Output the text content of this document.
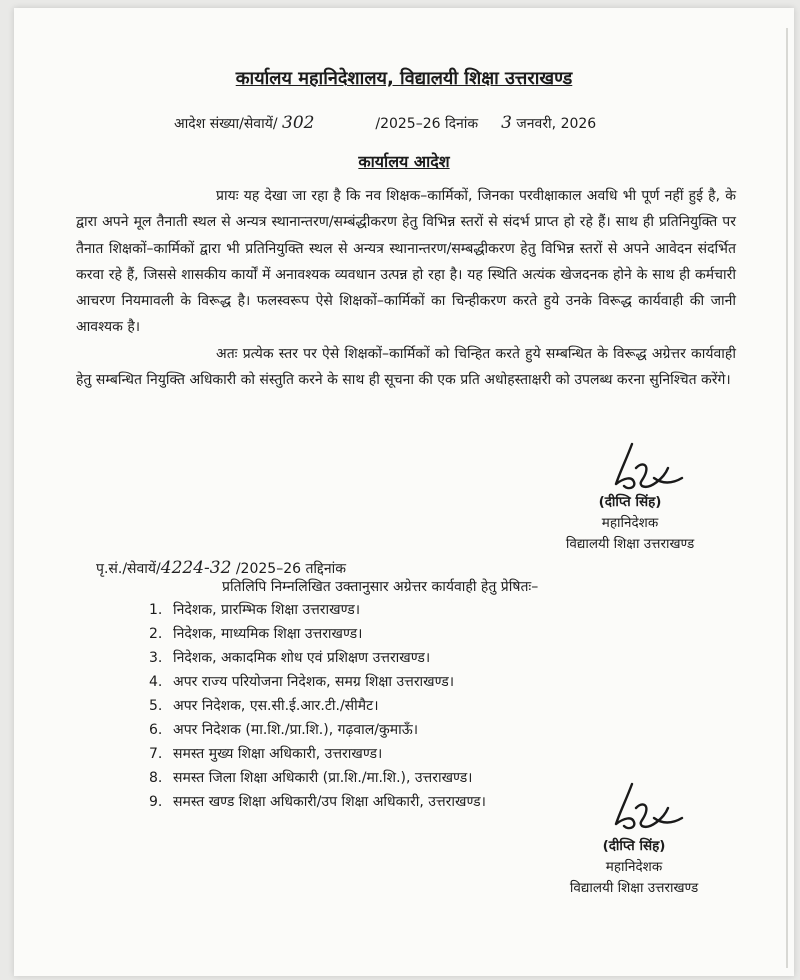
कार्यालय महानिदेशालय, विद्यालयी शिक्षा उत्तराखण्ड
आदेश संख्या/सेवायें/ 302	/2025–26 दिनांक 3 जनवरी, 2026
कार्यालय आदेश

प्रायः यह देखा जा रहा है कि नव शिक्षक–कार्मिकों, जिनका परवीक्षाकाल अवधि भी पूर्ण नहीं हुई है, के द्वारा अपने मूल तैनाती स्थल से अन्यत्र स्थानान्तरण/सम्बंद्धीकरण हेतु विभिन्न स्तरों से संदर्भ प्राप्त हो रहे हैं। साथ ही प्रतिनियुक्ति पर तैनात शिक्षकों–कार्मिकों द्वारा भी प्रतिनियुक्ति स्थल से अन्यत्र स्थानान्तरण/सम्बद्धीकरण हेतु विभिन्न स्तरों से अपने आवेदन संदर्भित करवा रहे हैं, जिससे शासकीय कार्यों में अनावश्यक व्यवधान उत्पन्न हो रहा है। यह स्थिति अत्यंक खेजदनक होने के साथ ही कर्मचारी आचरण नियमावली के विरूद्ध है। फलस्वरूप ऐसे शिक्षकों–कार्मिकों का चिन्हीकरण करते हुये उनके विरूद्ध कार्यवाही की जानी आवश्यक है।

अतः प्रत्येक स्तर पर ऐसे शिक्षकों–कार्मिकों को चिन्हित करते हुये सम्बन्धित के विरूद्ध अग्रेत्तर कार्यवाही हेतु सम्बन्धित नियुक्ति अधिकारी को संस्तुति करने के साथ ही सूचना की एक प्रति अधोहस्ताक्षरी को उपलब्ध करना सुनिश्चित करेंगे।

(दीप्ति सिंह)
महानिदेशक
विद्यालयी शिक्षा उत्तराखण्ड
पृ.सं./सेवायें/4224-32 /2025–26 तद्दिनांक
प्रतिलिपि निम्नलिखित उक्तानुसार अग्रेत्तर कार्यवाही हेतु प्रेषितः–
1. निदेशक, प्रारम्भिक शिक्षा उत्तराखण्ड।
2. निदेशक, माध्यमिक शिक्षा उत्तराखण्ड।
3. निदेशक, अकादमिक शोध एवं प्रशिक्षण उत्तराखण्ड।
4. अपर राज्य परियोजना निदेशक, समग्र शिक्षा उत्तराखण्ड।
5. अपर निदेशक, एस.सी.ई.आर.टी./सीमैट।
6. अपर निदेशक (मा.शि./प्रा.शि.), गढ़वाल/कुमाऊँ।
7. समस्त मुख्य शिक्षा अधिकारी, उत्तराखण्ड।
8. समस्त जिला शिक्षा अधिकारी (प्रा.शि./मा.शि.), उत्तराखण्ड।
9. समस्त खण्ड शिक्षा अधिकारी/उप शिक्षा अधिकारी, उत्तराखण्ड।
(दीप्ति सिंह)
महानिदेशक
विद्यालयी शिक्षा उत्तराखण्ड
